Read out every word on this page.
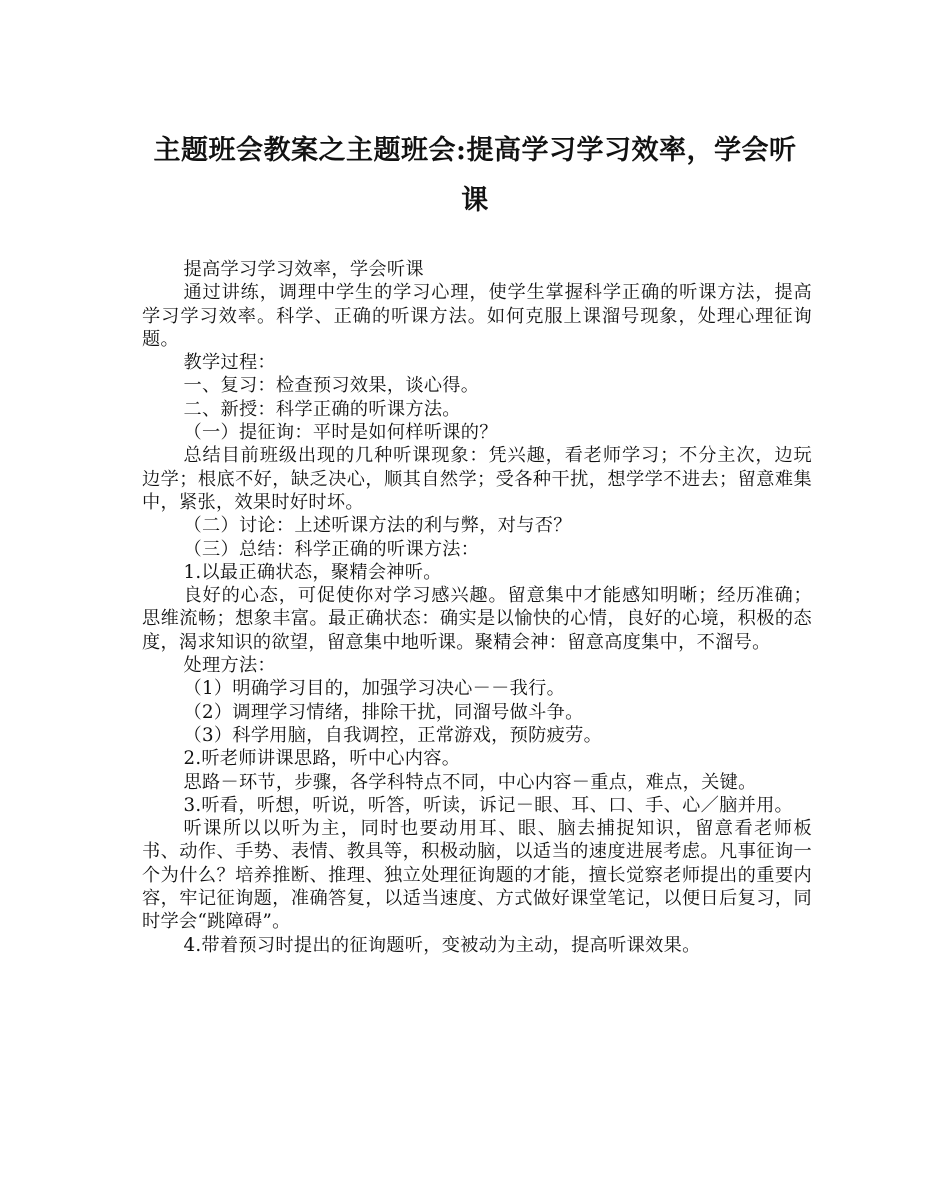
主题班会教案之主题班会:提高学习学习效率，学会听
课

提高学习学习效率，学会听课

通过讲练，调理中学生的学习心理，使学生掌握科学正确的听课方法，提高学习学习效率。科学、正确的听课方法。如何克服上课溜号现象，处理心理征询题。

教学过程：

一、复习：检查预习效果，谈心得。

二、新授：科学正确的听课方法。

（一）提征询：平时是如何样听课的？

总结目前班级出现的几种听课现象：凭兴趣，看老师学习；不分主次，边玩边学；根底不好，缺乏决心，顺其自然学；受各种干扰，想学学不进去；留意难集中，紧张，效果时好时坏。

（二）讨论：上述听课方法的利与弊，对与否？

（三）总结：科学正确的听课方法：

1.以最正确状态，聚精会神听。

良好的心态，可促使你对学习感兴趣。留意集中才能感知明晰；经历准确；思维流畅；想象丰富。最正确状态：确实是以愉快的心情，良好的心境，积极的态度，渴求知识的欲望，留意集中地听课。聚精会神：留意高度集中，不溜号。

处理方法：

（1）明确学习目的，加强学习决心－－我行。

（2）调理学习情绪，排除干扰，同溜号做斗争。

（3）科学用脑，自我调控，正常游戏，预防疲劳。

2.听老师讲课思路，听中心内容。

思路－环节，步骤，各学科特点不同，中心内容－重点，难点，关键。

3.听看，听想，听说，听答，听读，诉记－眼、耳、口、手、心／脑并用。

听课所以以听为主，同时也要动用耳、眼、脑去捕捉知识，留意看老师板书、动作、手势、表情、教具等，积极动脑，以适当的速度进展考虑。凡事征询一个为什么？培养推断、推理、独立处理征询题的才能，擅长觉察老师提出的重要内容，牢记征询题，准确答复，以适当速度、方式做好课堂笔记，以便日后复习，同时学会“跳障碍”。

4.带着预习时提出的征询题听，变被动为主动，提高听课效果。
